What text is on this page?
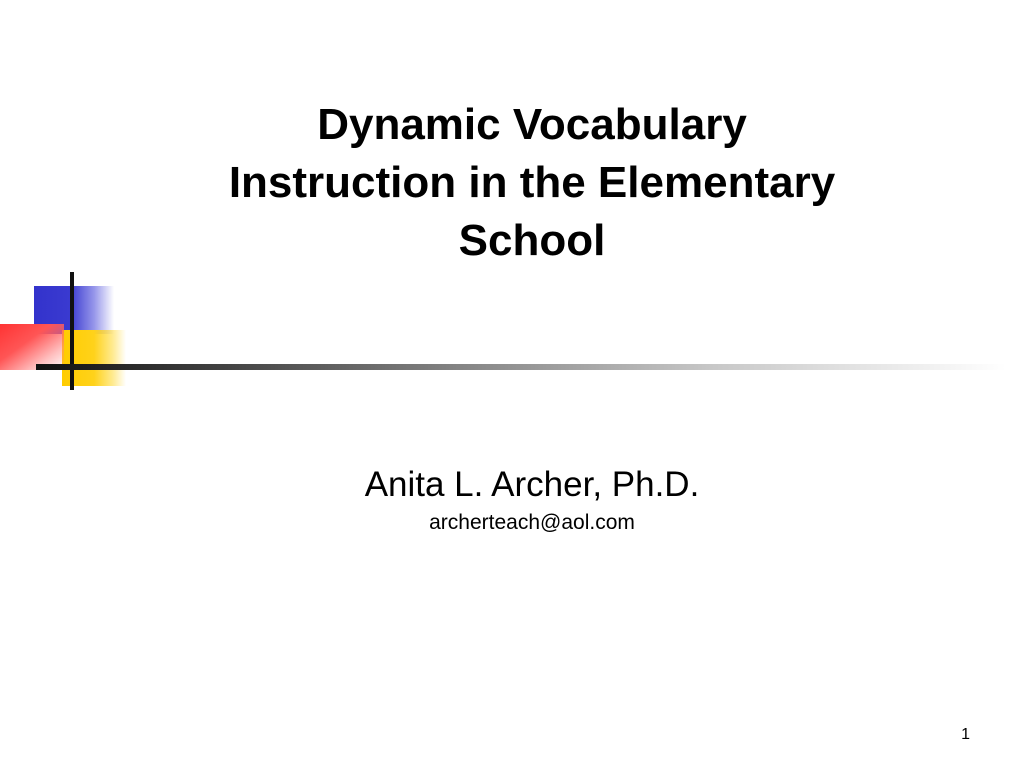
Dynamic Vocabulary
Instruction in the Elementary
School

Anita L. Archer, Ph.D.

archerteach@aol.com

1
